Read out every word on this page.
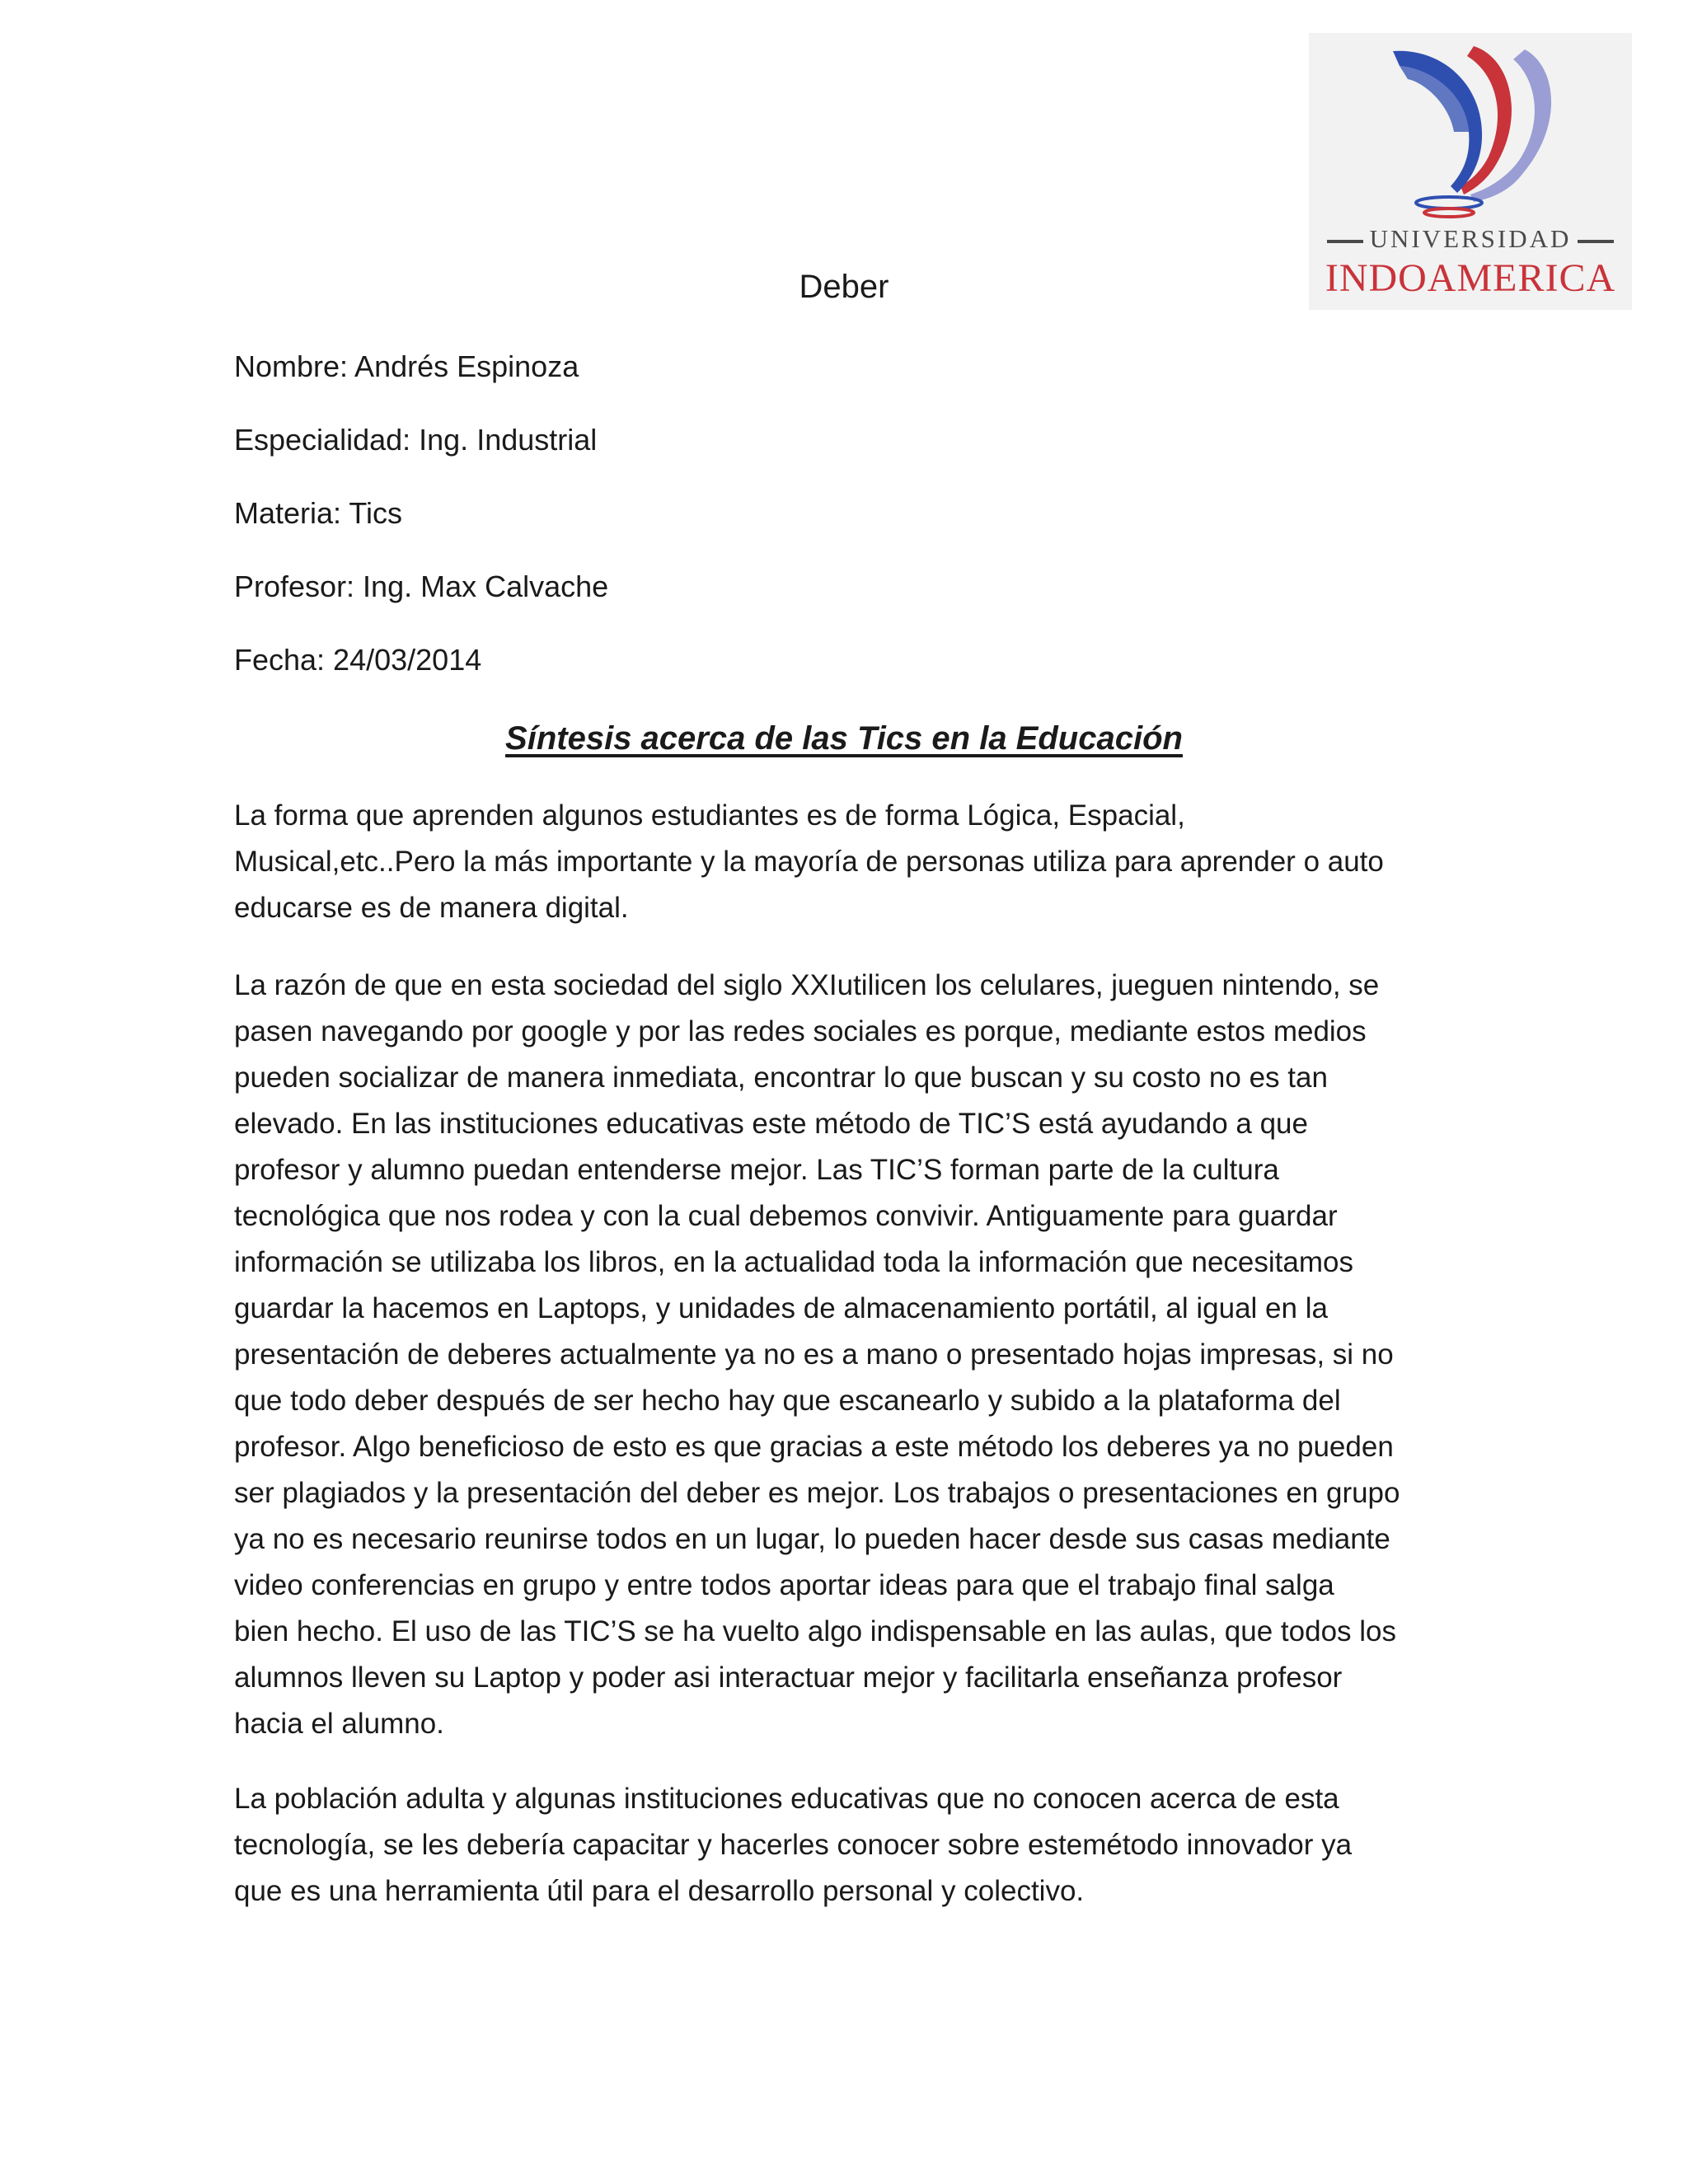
UNIVERSIDAD
INDOAMERICA
Deber
Nombre: Andrés Espinoza
Especialidad: Ing. Industrial
Materia: Tics
Profesor: Ing. Max Calvache
Fecha: 24/03/2014
Síntesis acerca de las Tics en la Educación
La forma que aprenden algunos estudiantes es de forma Lógica, Espacial,
Musical,etc..Pero la más importante y la mayoría de personas utiliza para aprender o auto
educarse es de manera digital.
La razón de que en esta sociedad del siglo XXIutilicen los celulares, jueguen nintendo, se
pasen navegando por google y por las redes sociales es porque, mediante estos medios
pueden socializar de manera inmediata, encontrar lo que buscan y su costo no es tan
elevado. En las instituciones educativas este método de TIC’S está ayudando a que
profesor y alumno puedan entenderse mejor. Las TIC’S forman parte de la cultura
tecnológica que nos rodea y con la cual debemos convivir. Antiguamente para guardar
información se utilizaba los libros, en la actualidad toda la información que necesitamos
guardar la hacemos en Laptops, y unidades de almacenamiento portátil, al igual en la
presentación de deberes actualmente ya no es a mano o presentado hojas impresas, si no
que todo deber después de ser hecho hay que escanearlo y subido a la plataforma del
profesor. Algo beneficioso de esto es que gracias a este método los deberes ya no pueden
ser plagiados y la presentación del deber es mejor. Los trabajos o presentaciones en grupo
ya no es necesario reunirse todos en un lugar, lo pueden hacer desde sus casas mediante
video conferencias en grupo y entre todos aportar ideas para que el trabajo final salga
bien hecho. El uso de las TIC’S se ha vuelto algo indispensable en las aulas, que todos los
alumnos lleven su Laptop y poder asi interactuar mejor y facilitarla enseñanza profesor
hacia el alumno.
La población adulta y algunas instituciones educativas que no conocen acerca de esta
tecnología, se les debería capacitar y hacerles conocer sobre estemétodo innovador ya
que es una herramienta útil para el desarrollo personal y colectivo.
